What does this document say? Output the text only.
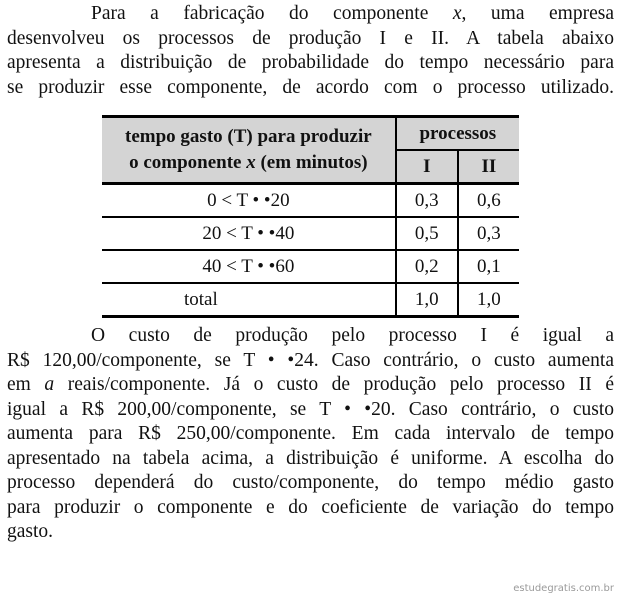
Para a fabricação do componente x, uma empresa
desenvolveu os processos de produção I e II. A tabela abaixo
apresenta a distribuição de probabilidade do tempo necessário para
se produzir esse componente, de acordo com o processo utilizado.
tempo gasto (T) para produzir
o componente x (em minutos)	processos	
	I	II
0 < T • •20	0,3	0,6
20 < T • •40	0,5	0,3
40 < T • •60	0,2	0,1
total	1,0	1,0
O custo de produção pelo processo I é igual a
R$ 120,00/componente, se T • •24. Caso contrário, o custo aumenta
em a reais/componente. Já o custo de produção pelo processo II é
igual a R$ 200,00/componente, se T • •20. Caso contrário, o custo
aumenta para R$ 250,00/componente. Em cada intervalo de tempo
apresentado na tabela acima, a distribuição é uniforme. A escolha do
processo dependerá do custo/componente, do tempo médio gasto
para produzir o componente e do coeficiente de variação do tempo
gasto.
estudegratis.com.br
